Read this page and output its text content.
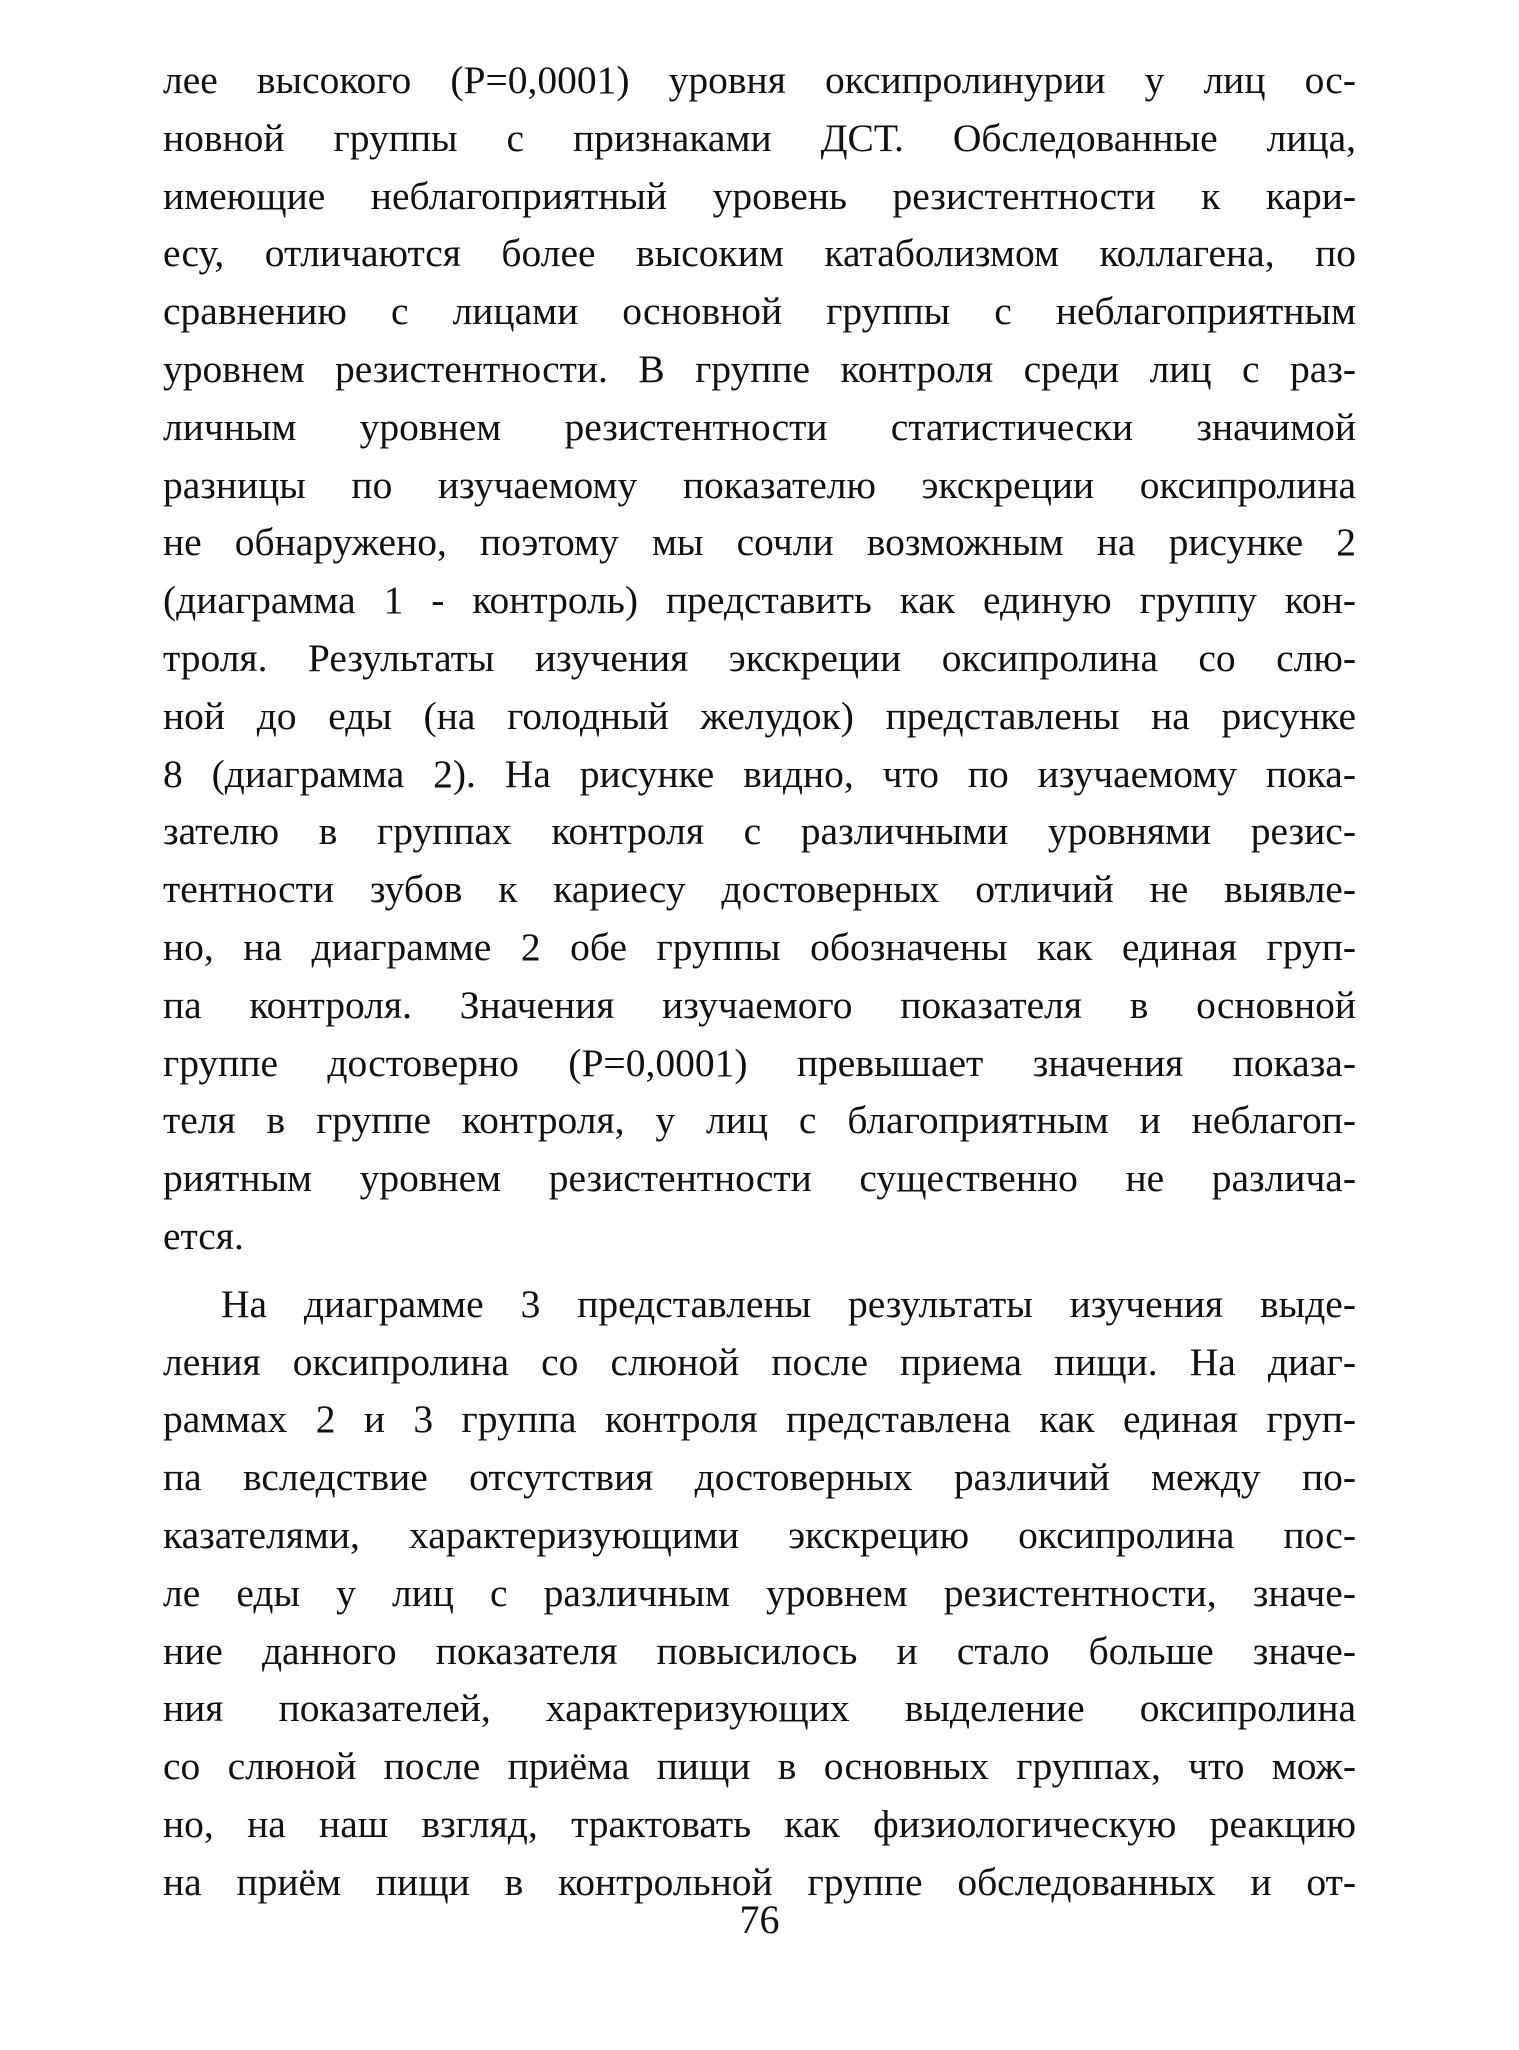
лее высокого (Р=0,0001) уровня оксипролинурии у лиц ос-
новной группы с признаками ДСТ. Обследованные лица,
имеющие неблагоприятный уровень резистентности к кари-
есу, отличаются более высоким катаболизмом коллагена, по
сравнению с лицами основной группы с неблагоприятным
уровнем резистентности. В группе контроля среди лиц с раз-
личным уровнем резистентности статистически значимой
разницы по изучаемому показателю экскреции оксипролина
не обнаружено, поэтому мы сочли возможным на рисунке 2
(диаграмма 1 - контроль) представить как единую группу кон-
троля. Результаты изучения экскреции оксипролина со слю-
ной до еды (на голодный желудок) представлены на рисунке
8 (диаграмма 2). На рисунке видно, что по изучаемому пока-
зателю в группах контроля с различными уровнями резис-
тентности зубов к кариесу достоверных отличий не выявле-
но, на диаграмме 2 обе группы обозначены как единая груп-
па контроля. Значения изучаемого показателя в основной
группе достоверно (Р=0,0001) превышает значения показа-
теля в группе контроля, у лиц с благоприятным и неблагоп-
риятным уровнем резистентности существенно не различа-
ется.
На диаграмме 3 представлены результаты изучения выде-
ления оксипролина со слюной после приема пищи. На диаг-
раммах 2 и 3 группа контроля представлена как единая груп-
па вследствие отсутствия достоверных различий между по-
казателями, характеризующими экскрецию оксипролина пос-
ле еды у лиц с различным уровнем резистентности, значе-
ние данного показателя повысилось и стало больше значе-
ния показателей, характеризующих выделение оксипролина
со слюной после приёма пищи в основных группах, что мож-
но, на наш взгляд, трактовать как физиологическую реакцию
на приём пищи в контрольной группе обследованных и от-
76
